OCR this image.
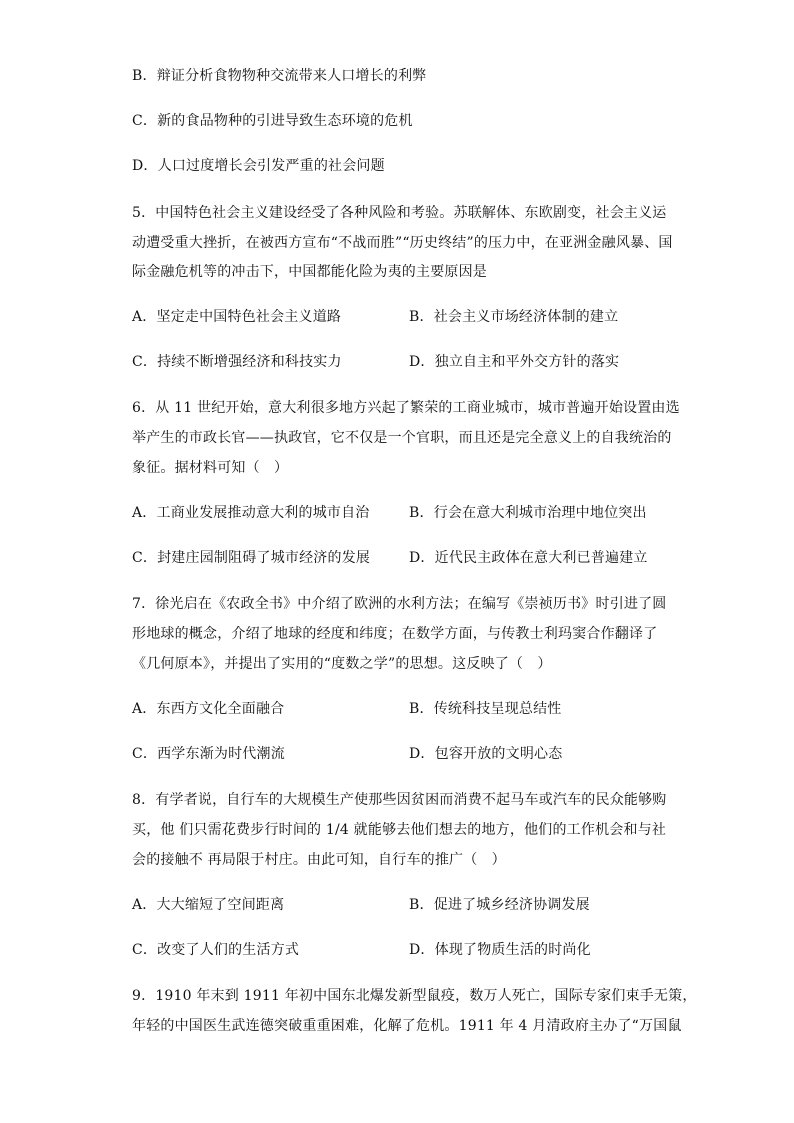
B．辩证分析食物物种交流带来人口增长的利弊
C．新的食品物种的引进导致生态环境的危机
D．人口过度增长会引发严重的社会问题
5．中国特色社会主义建设经受了各种风险和考验。苏联解体、东欧剧变，社会主义运
动遭受重大挫折，在被西方宣布“不战而胜”“历史终结”的压力中，在亚洲金融风暴、国
际金融危机等的冲击下，中国都能化险为夷的主要原因是
A．坚定走中国特色社会主义道路	B．社会主义市场经济体制的建立
C．持续不断增强经济和科技实力	D．独立自主和平外交方针的落实
6．从 11 世纪开始，意大利很多地方兴起了繁荣的工商业城市，城市普遍开始设置由选
举产生的市政长官——执政官，它不仅是一个官职，而且还是完全意义上的自我统治的
象征。据材料可知（　）
A．工商业发展推动意大利的城市自治	B．行会在意大利城市治理中地位突出
C．封建庄园制阻碍了城市经济的发展	D．近代民主政体在意大利已普遍建立
7．徐光启在《农政全书》中介绍了欧洲的水利方法；在编写《崇祯历书》时引进了圆
形地球的概念，介绍了地球的经度和纬度；在数学方面，与传教士利玛窦合作翻译了
《几何原本》，并提出了实用的“度数之学”的思想。这反映了（　）
A．东西方文化全面融合	B．传统科技呈现总结性
C．西学东渐为时代潮流	D．包容开放的文明心态
8．有学者说，自行车的大规模生产使那些因贫困而消费不起马车或汽车的民众能够购
买，他 们只需花费步行时间的 1/4 就能够去他们想去的地方，他们的工作机会和与社
会的接触不 再局限于村庄。由此可知，自行车的推广（　）
A．大大缩短了空间距离	B．促进了城乡经济协调发展
C．改变了人们的生活方式	D．体现了物质生活的时尚化
9．1910 年末到 1911 年初中国东北爆发新型鼠疫，数万人死亡，国际专家们束手无策，
年轻的中国医生武连德突破重重困难，化解了危机。1911 年 4 月清政府主办了“万国鼠
